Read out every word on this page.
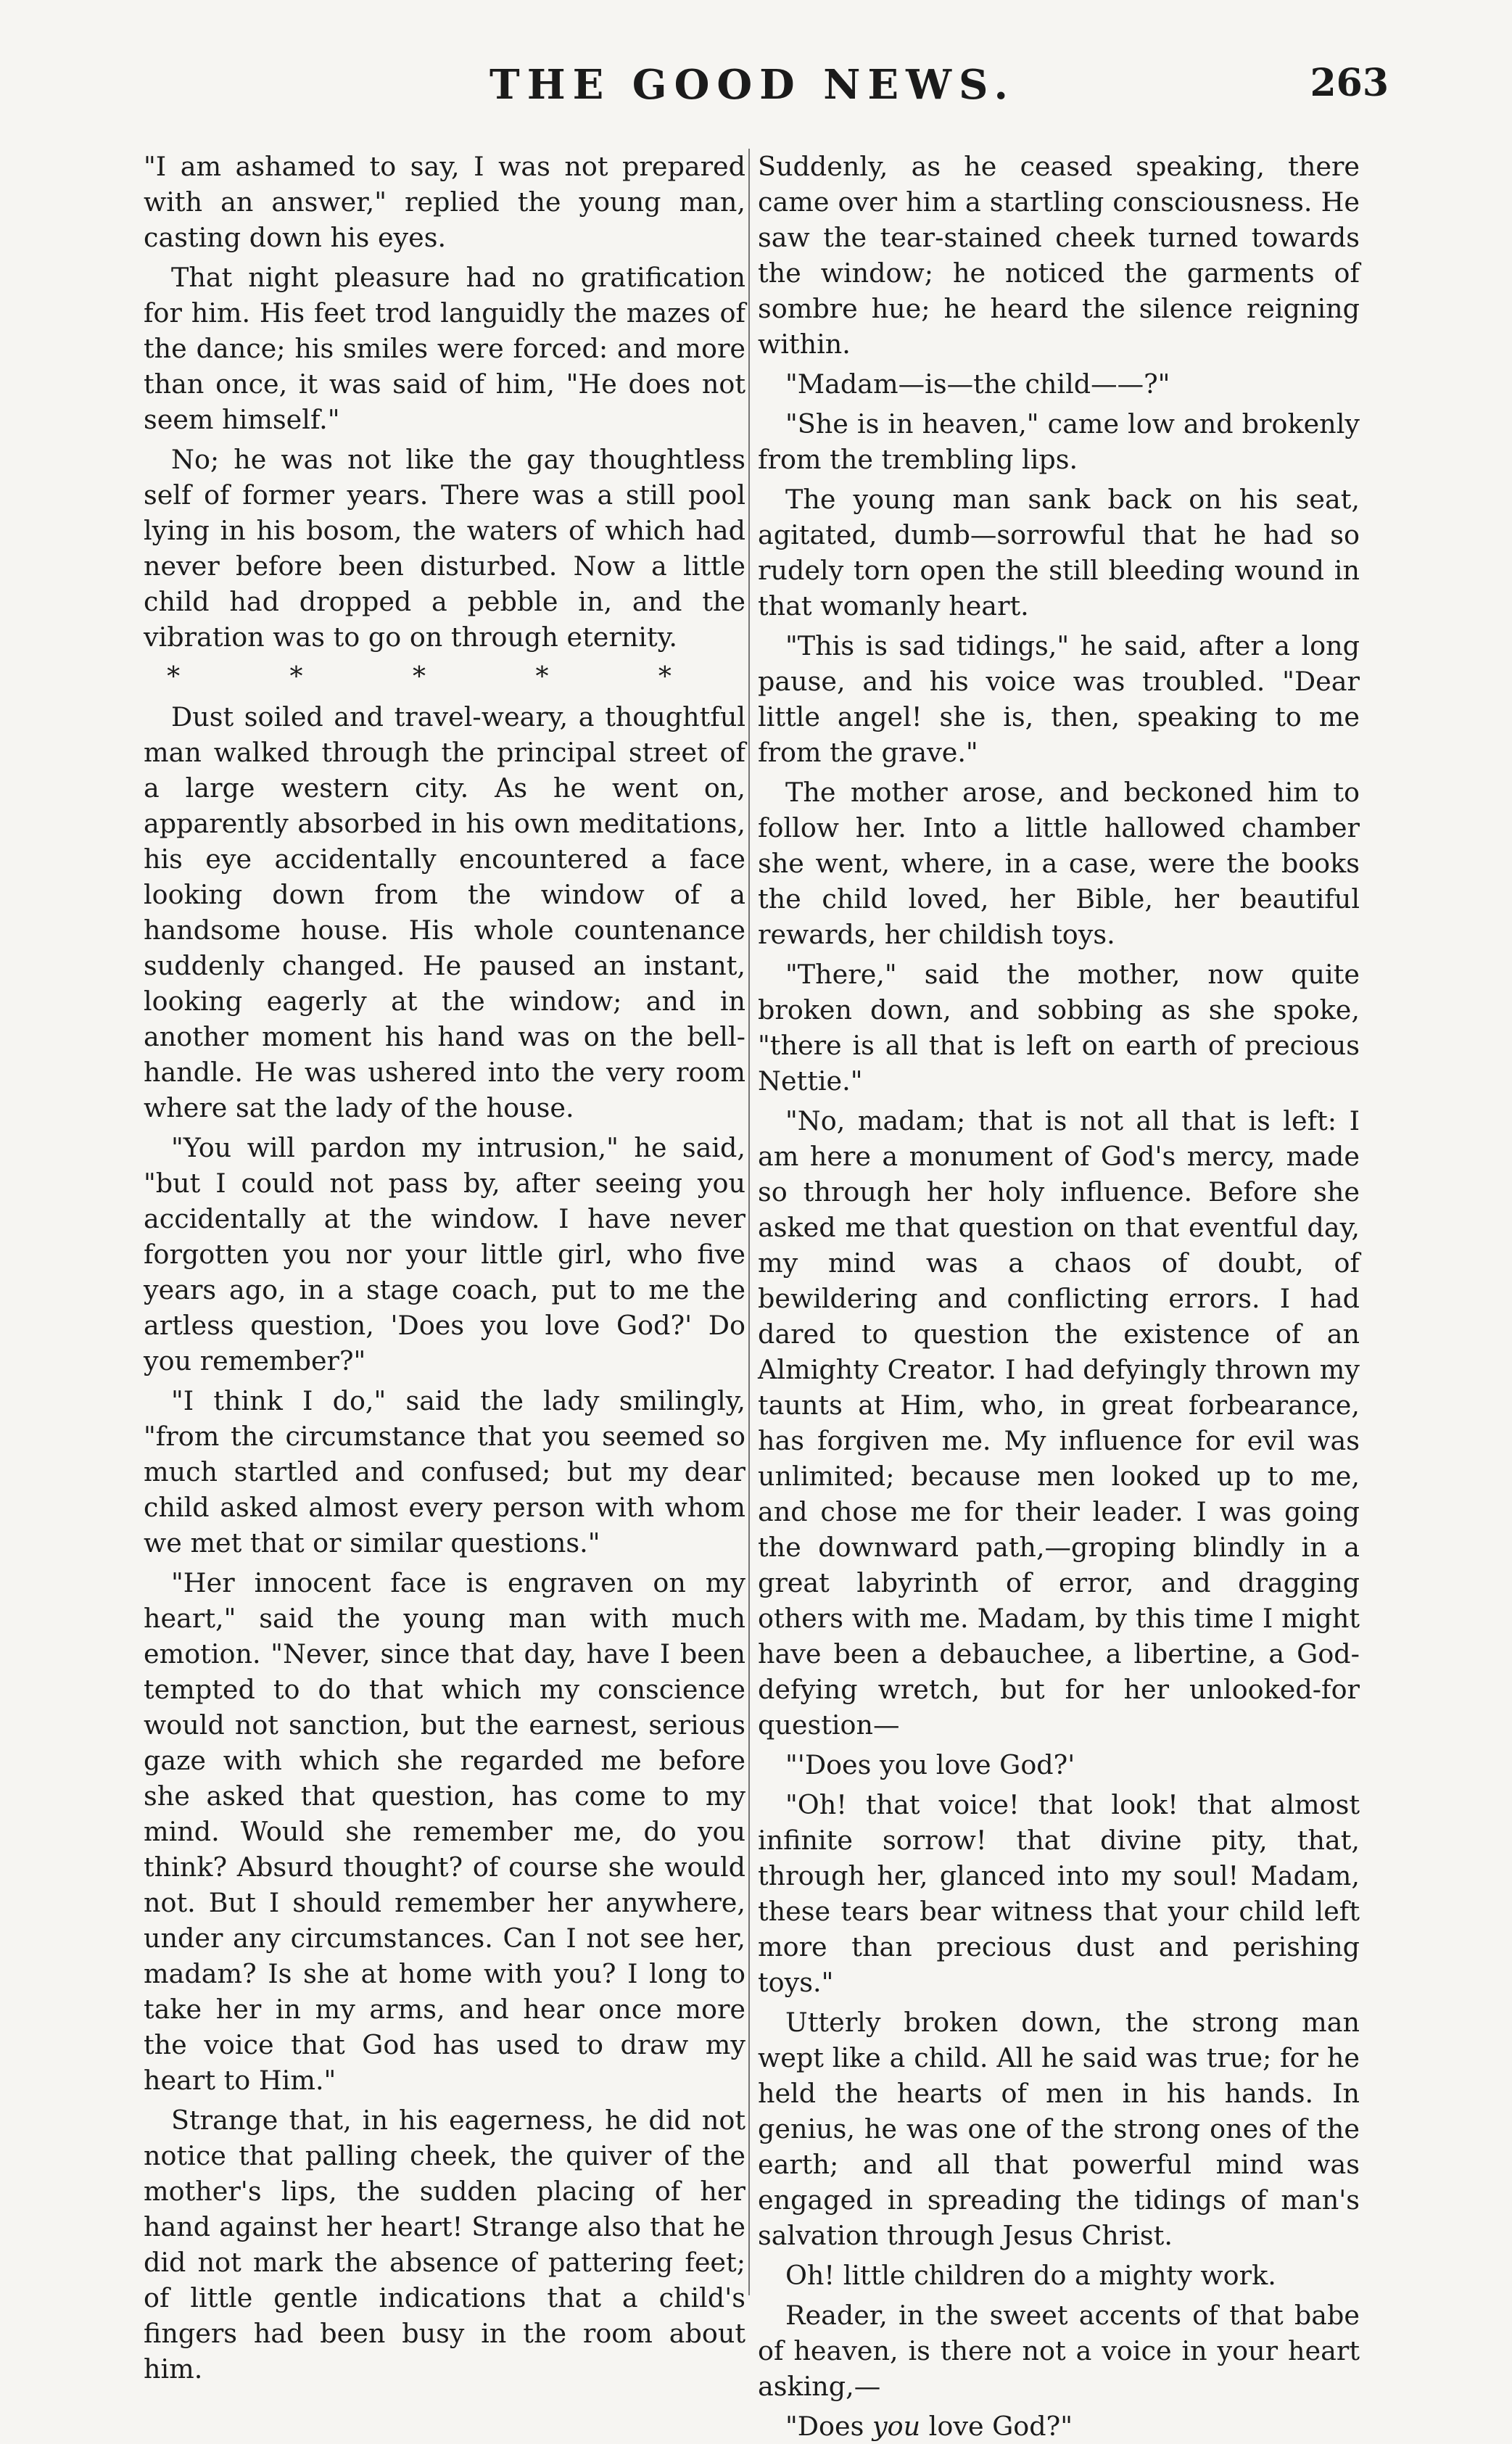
THE GOOD NEWS.	263

"I am ashamed to say, I was not prepared with an answer," replied the young man, casting down his eyes.

That night pleasure had no gratification for him. His feet trod languidly the mazes of the dance; his smiles were forced: and more than once, it was said of him, "He does not seem himself."

No; he was not like the gay thoughtless self of former years. There was a still pool lying in his bosom, the waters of which had never before been disturbed. Now a little child had dropped a pebble in, and the vibration was to go on through eternity.

* * * * *

Dust soiled and travel-weary, a thoughtful man walked through the principal street of a large western city. As he went on, apparently absorbed in his own meditations, his eye accidentally encountered a face looking down from the window of a handsome house. His whole countenance suddenly changed. He paused an instant, looking eagerly at the window; and in another moment his hand was on the bell-handle. He was ushered into the very room where sat the lady of the house.

"You will pardon my intrusion," he said, "but I could not pass by, after seeing you accidentally at the window. I have never forgotten you nor your little girl, who five years ago, in a stage coach, put to me the artless question, 'Does you love God?' Do you remember?"

"I think I do," said the lady smilingly, "from the circumstance that you seemed so much startled and confused; but my dear child asked almost every person with whom we met that or similar questions."

"Her innocent face is engraven on my heart," said the young man with much emotion. "Never, since that day, have I been tempted to do that which my conscience would not sanction, but the earnest, serious gaze with which she regarded me before she asked that question, has come to my mind. Would she remember me, do you think? Absurd thought? of course she would not. But I should remember her anywhere, under any circumstances. Can I not see her, madam? Is she at home with you? I long to take her in my arms, and hear once more the voice that God has used to draw my heart to Him."

Strange that, in his eagerness, he did not notice that palling cheek, the quiver of the mother's lips, the sudden placing of her hand against her heart! Strange also that he did not mark the absence of pattering feet; of little gentle indications that a child's fingers had been busy in the room about him.

Suddenly, as he ceased speaking, there came over him a startling consciousness. He saw the tear-stained cheek turned towards the window; he noticed the garments of sombre hue; he heard the silence reigning within.

"Madam—is—the child——?"

"She is in heaven," came low and brokenly from the trembling lips.

The young man sank back on his seat, agitated, dumb—sorrowful that he had so rudely torn open the still bleeding wound in that womanly heart.

"This is sad tidings," he said, after a long pause, and his voice was troubled. "Dear little angel! she is, then, speaking to me from the grave."

The mother arose, and beckoned him to follow her. Into a little hallowed chamber she went, where, in a case, were the books the child loved, her Bible, her beautiful rewards, her childish toys.

"There," said the mother, now quite broken down, and sobbing as she spoke, "there is all that is left on earth of precious Nettie."

"No, madam; that is not all that is left: I am here a monument of God's mercy, made so through her holy influence. Before she asked me that question on that eventful day, my mind was a chaos of doubt, of bewildering and conflicting errors. I had dared to question the existence of an Almighty Creator. I had defyingly thrown my taunts at Him, who, in great forbearance, has forgiven me. My influence for evil was unlimited; because men looked up to me, and chose me for their leader. I was going the downward path,—groping blindly in a great labyrinth of error, and dragging others with me. Madam, by this time I might have been a debauchee, a libertine, a God-defying wretch, but for her unlooked-for question—

"'Does you love God?'

"Oh! that voice! that look! that almost infinite sorrow! that divine pity, that, through her, glanced into my soul! Madam, these tears bear witness that your child left more than precious dust and perishing toys."

Utterly broken down, the strong man wept like a child. All he said was true; for he held the hearts of men in his hands. In genius, he was one of the strong ones of the earth; and all that powerful mind was engaged in spreading the tidings of man's salvation through Jesus Christ.

Oh! little children do a mighty work.

Reader, in the sweet accents of that babe of heaven, is there not a voice in your heart asking,—

"Does you love God?"
